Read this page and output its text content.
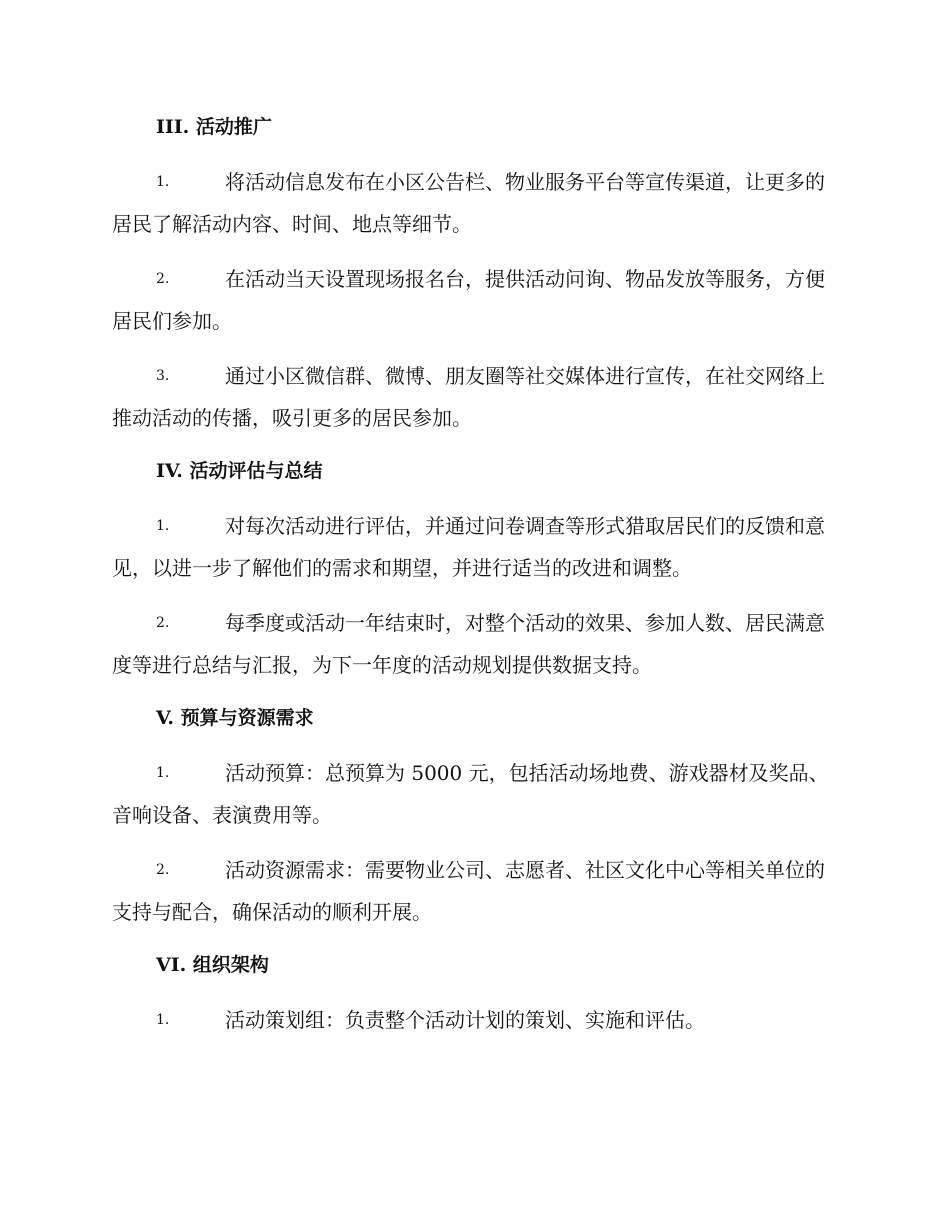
III. 活动推广
1.	将活动信息发布在小区公告栏、物业服务平台等宣传渠道，让更多的居民了解活动内容、时间、地点等细节。
2.	在活动当天设置现场报名台，提供活动问询、物品发放等服务，方便居民们参加。
3.	通过小区微信群、微博、朋友圈等社交媒体进行宣传，在社交网络上推动活动的传播，吸引更多的居民参加。
IV. 活动评估与总结
1.	对每次活动进行评估，并通过问卷调查等形式猎取居民们的反馈和意见，以进一步了解他们的需求和期望，并进行适当的改进和调整。
2.	每季度或活动一年结束时，对整个活动的效果、参加人数、居民满意度等进行总结与汇报，为下一年度的活动规划提供数据支持。
V. 预算与资源需求
1.	活动预算：总预算为 5000 元，包括活动场地费、游戏器材及奖品、音响设备、表演费用等。
2.	活动资源需求：需要物业公司、志愿者、社区文化中心等相关单位的支持与配合，确保活动的顺利开展。
VI. 组织架构
1.	活动策划组：负责整个活动计划的策划、实施和评估。
